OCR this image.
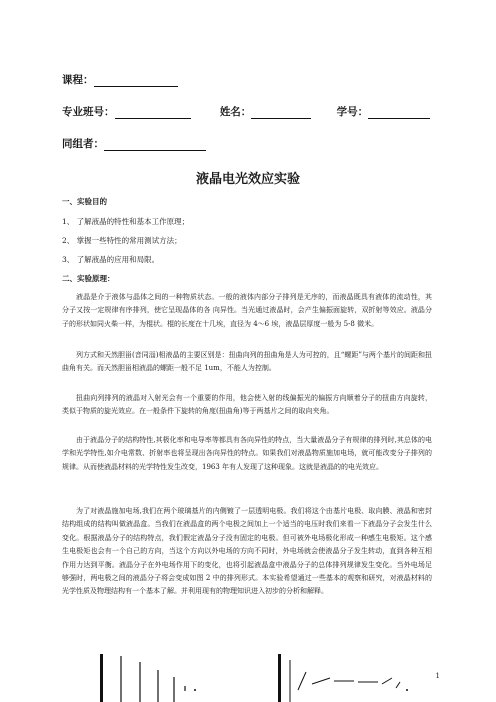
课程：
专业班号：	姓名：	学号：
同组者：
液晶电光效应实验
一、实验目的
1、 了解液晶的特性和基本工作原理；
2、 掌握一些特性的常用测试方法；
3、 了解液晶的应用和局限。
二、实验原理：
液晶是介于液体与晶体之间的一种物质状态。一般的液体内部分子排列是无序的，而液晶既具有液体的流动性，其分子又按一定规律有序排列，使它呈现晶体的各 向异性。当光通过液晶时，会产生偏振面旋转，双折射等效应。液晶分子的形状如同火柴一样，为棍状。棍的长度在十几埃，直径为 4～6 埃，液晶层厚度一般为 5-8 微米。
列方式和天然胆甾(音同淄)相液晶的主要区别是：扭曲向列的扭曲角是人为可控的，且“螺距”与两个基片的间距和扭曲角有关。而天然胆甾相液晶的螺距一般不足 1um，不能人为控制。
扭曲向列排列的液晶对入射光会有一个重要的作用，他会使入射的线偏振光的偏振方向顺着分子的扭曲方向旋转，类似于物质的旋光效应。在一般条件下旋转的角度(扭曲角)等于两基片之间的取向夹角。
由于液晶分子的结构特性,其极化率和电导率等都具有各向异性的特点，当大量液晶分子有规律的排列时,其总体的电学和光学特性,如介电常数、折射率也将呈现出各向异性的特点。如果我们对液晶物质施加电场，就可能改变分子排列的规律。从而使液晶材料的光学特性发生改变，1963 年有人发现了这种现象。这就是液晶的的电光效应。
为了对液晶施加电场,我们在两个玻璃基片的内侧镀了一层透明电极。我们将这个由基片电极、取向膜、液晶和密封结构组成的结构叫做液晶盒。当我们在液晶盒的两个电极之间加上一个适当的电压时我们来看一下液晶分子会发生什么变化。根据液晶分子的结构特点，我们假定液晶分子没有固定的电极。但可被外电场极化形成一种感生电极矩。这个感生电极矩也会有一个自己的方向，当这个方向以外电场的方向不同时，外电场就会使液晶分子发生转动，直到各种互相作用力达到平衡。液晶分子在外电场作用下的变化，也将引起液晶盒中液晶分子的总体排列规律发生变化。当外电场足够强时，两电极之间的液晶分子将会变成如图 2 中的排列形式。本实验希望通过一些基本的观察和研究，对液晶材料的光学性质及物理结构有一个基本了解。并利用现有的物理知识进入初步的分析和解释。
1
